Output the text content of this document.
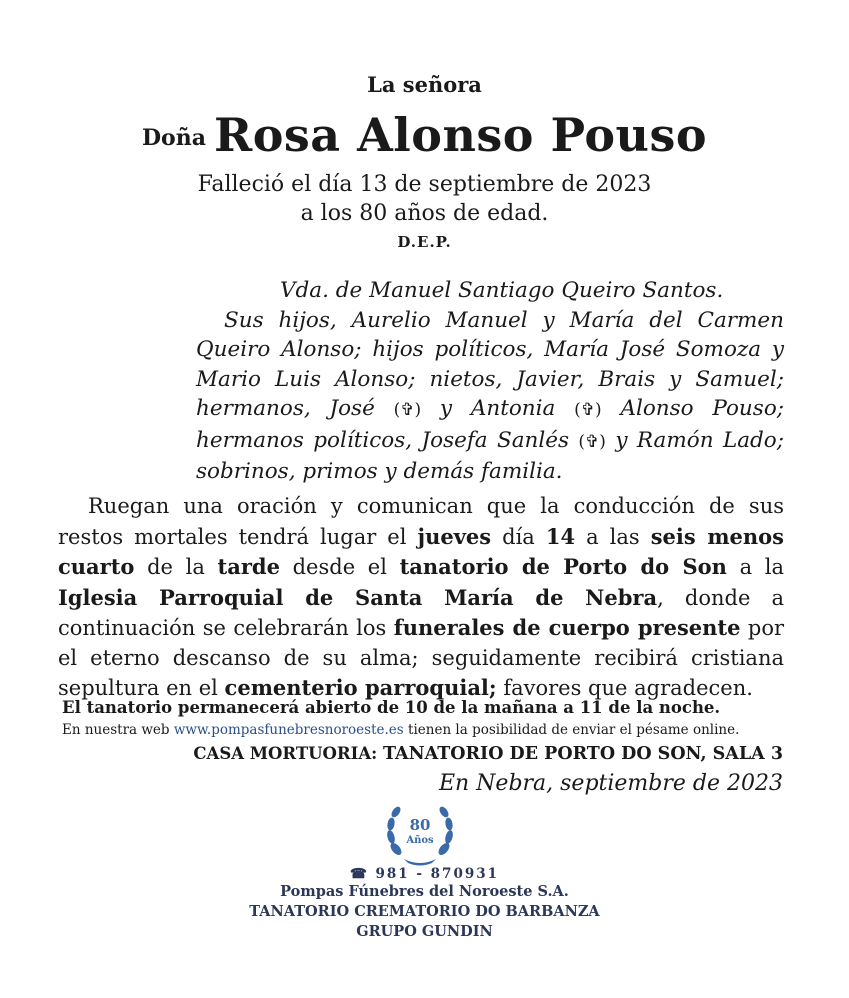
La señora
Doña Rosa Alonso Pouso
Falleció el día 13 de septiembre de 2023
a los 80 años de edad.
D.E.P.
Vda. de Manuel Santiago Queiro Santos.
Sus hijos, Aurelio Manuel y María del Carmen Queiro Alonso; hijos políticos, María José Somoza y Mario Luis Alonso; nietos, Javier, Brais y Samuel; hermanos, José (✞) y Antonia (✞) Alonso Pouso; hermanos políticos, Josefa Sanlés (✞) y Ramón Lado; sobrinos, primos y demás familia.
Ruegan una oración y comunican que la conducción de sus restos mortales tendrá lugar el jueves día 14 a las seis menos cuarto de la tarde desde el tanatorio de Porto do Son a la Iglesia Parroquial de Santa María de Nebra, donde a continuación se celebrarán los funerales de cuerpo presente por el eterno descanso de su alma; seguidamente recibirá cristiana sepultura en el cementerio parroquial; favores que agradecen.
El tanatorio permanecerá abierto de 10 de la mañana a 11 de la noche.
En nuestra web www.pompasfunebresnoroeste.es tienen la posibilidad de enviar el pésame online.
CASA MORTUORIA: TANATORIO DE PORTO DO SON, SALA 3
En Nebra, septiembre de 2023
80
Años
☎ 981 - 870931
Pompas Fúnebres del Noroeste S.A.
TANATORIO CREMATORIO DO BARBANZA
GRUPO GUNDIN
